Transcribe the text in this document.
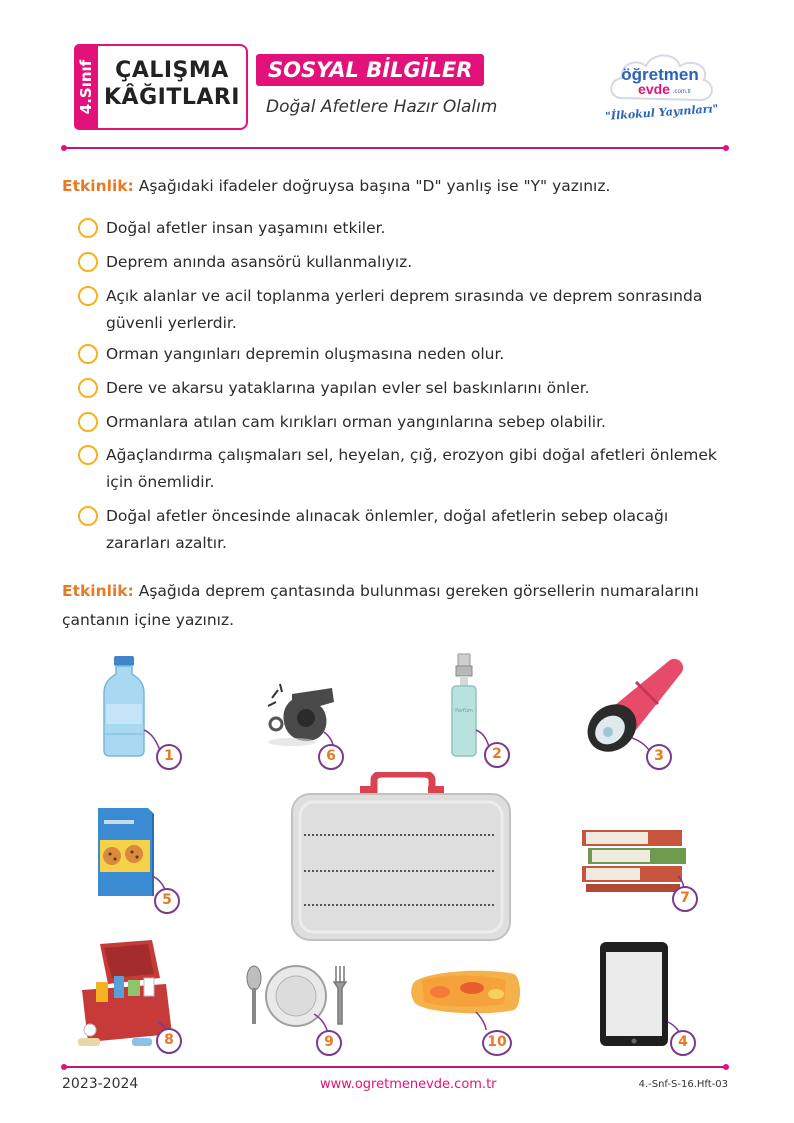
4.Sınıf ÇALIŞMA
KÂĞITLARI
SOSYAL BİLGİLER
Doğal Afetlere Hazır Olalım
öğretmen
evde .com.tr
"İlkokul Yayınları"
Etkinlik: Aşağıdaki ifadeler doğruysa başına "D" yanlış ise "Y" yazınız.
Doğal afetler insan yaşamını etkiler.
Deprem anında asansörü kullanmalıyız.
Açık alanlar ve acil toplanma yerleri deprem sırasında ve deprem sonrasında güvenli yerlerdir.
Orman yangınları depremin oluşmasına neden olur.
Dere ve akarsu yataklarına yapılan evler sel baskınlarını önler.
Ormanlara atılan cam kırıkları orman yangınlarına sebep olabilir.
Ağaçlandırma çalışmaları sel, heyelan, çığ, erozyon gibi doğal afetleri önlemek için önemlidir.
Doğal afetler öncesinde alınacak önlemler, doğal afetlerin sebep olacağı zararları azaltır.
Etkinlik: Aşağıda deprem çantasında bulunması gereken görsellerin numaralarını çantanın içine yazınız.
1	6
Parfüm
2	3
5	7
8	9	10	4
2023-2024	www.ogretmenevde.com.tr	4.-Snf-S-16.Hft-03
